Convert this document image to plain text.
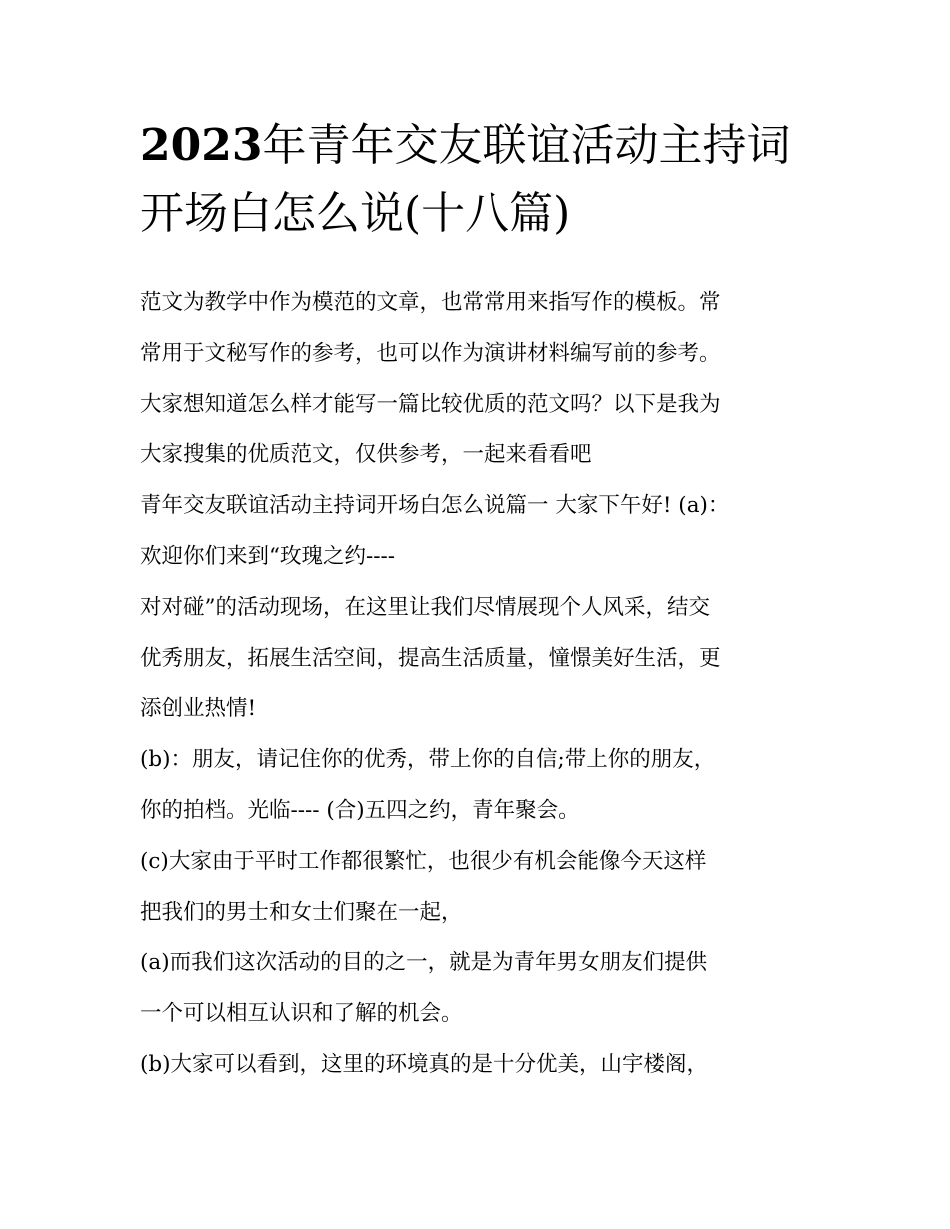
2023年青年交友联谊活动主持词开场白怎么说(十八篇)
范文为教学中作为模范的文章，也常常用来指写作的模板。常
常用于文秘写作的参考，也可以作为演讲材料编写前的参考。
大家想知道怎么样才能写一篇比较优质的范文吗？以下是我为
大家搜集的优质范文，仅供参考，一起来看看吧
青年交友联谊活动主持词开场白怎么说篇一 大家下午好! (a)：
欢迎你们来到“玫瑰之约----
对对碰”的活动现场，在这里让我们尽情展现个人风采，结交
优秀朋友，拓展生活空间，提高生活质量，憧憬美好生活，更
添创业热情!
(b)：朋友，请记住你的优秀，带上你的自信;带上你的朋友，
你的拍档。光临---- (合)五四之约，青年聚会。
(c)大家由于平时工作都很繁忙，也很少有机会能像今天这样
把我们的男士和女士们聚在一起，
(a)而我们这次活动的目的之一，就是为青年男女朋友们提供
一个可以相互认识和了解的机会。
(b)大家可以看到，这里的环境真的是十分优美，山宇楼阁，
